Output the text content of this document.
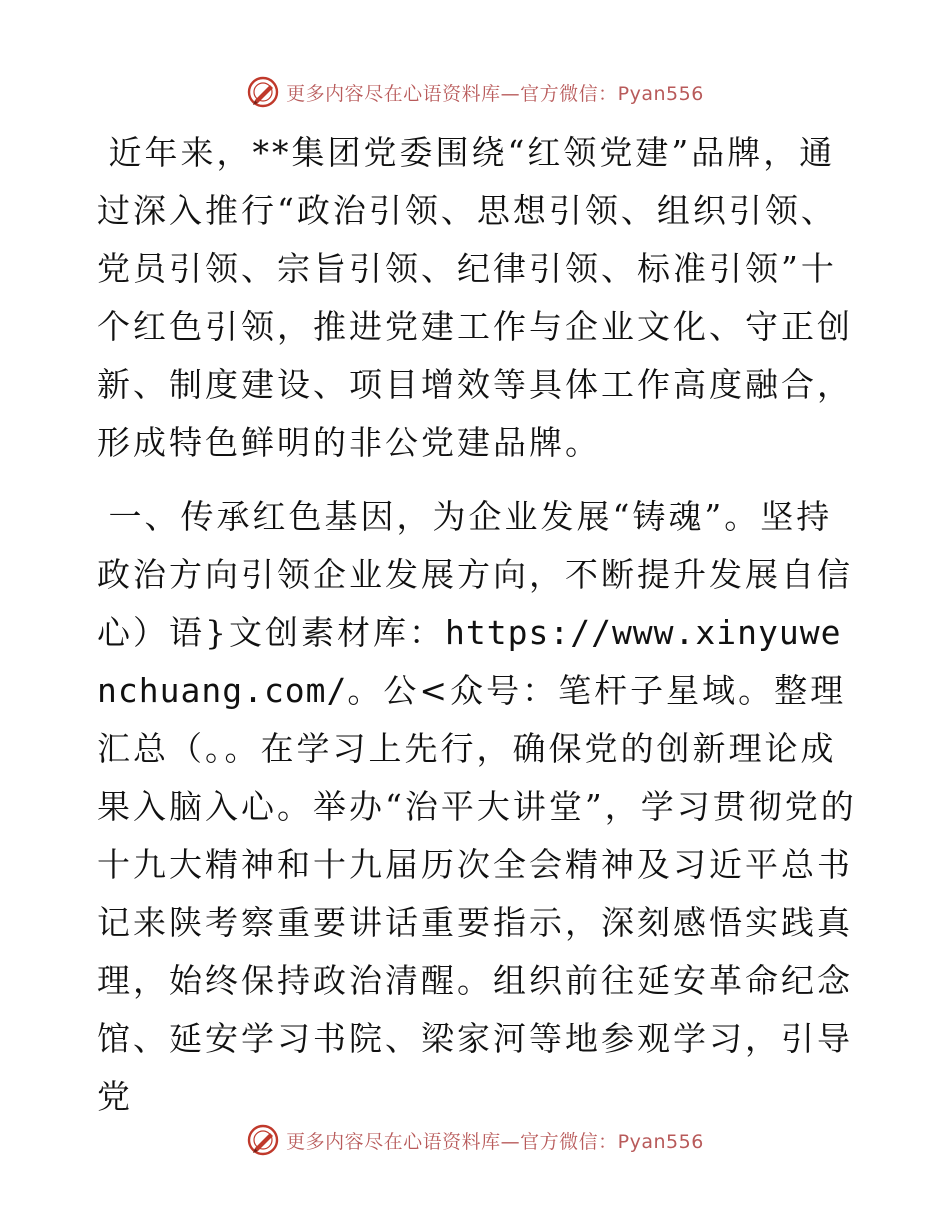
更多内容尽在心语资料库—官方微信：Pyan556

近年来，**集团党委围绕“红领党建”品牌，通过深入推行“政治引领、思想引领、组织引领、党员引领、宗旨引领、纪律引领、标准引领”十个红色引领，推进党建工作与企业文化、守正创新、制度建设、项目增效等具体工作高度融合，形成特色鲜明的非公党建品牌。

一、传承红色基因，为企业发展“铸魂”。坚持政治方向引领企业发展方向，不断提升发展自信心）语}文创素材库：https://www.xinyuwenchuang.com/。公<众号：笔杆子星域。整理汇总（。。在学习上先行，确保党的创新理论成果入脑入心。举办“治平大讲堂”，学习贯彻党的十九大精神和十九届历次全会精神及习近平总书记来陕考察重要讲话重要指示，深刻感悟实践真理，始终保持政治清醒。组织前往延安革命纪念馆、延安学习书院、梁家河等地参观学习，引导党

更多内容尽在心语资料库—官方微信：Pyan556
